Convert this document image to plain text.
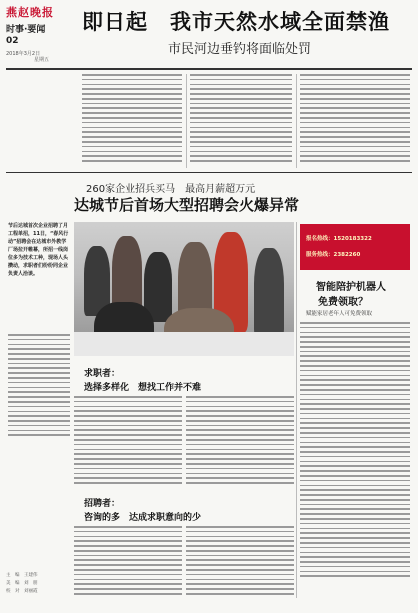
燕赵晚报
时事·要闻
02
2018年3月2日
星期五
即日起　我市天然水域全面禁渔
市民河边垂钓将面临处罚
260家企业招兵买马　最高月薪超万元
达城节后首场大型招聘会火爆异常
节后达城首次企业招聘了月工程单招，11日，“春风行动”招聘会在达城市外教学厂场拉开帷幕，所招一线岗位多为技术工种，现场人头攒动，求职者们纷纷同企业负责人洽谈。
报名热线：1520183322
服务热线：2382260
智能陪护机器人
免费领取？
赋能家居老年人可免费领取
求职者：
选择多样化　想找工作并不难
招聘者：
咨询的多　达成求职意向的少
主　编　王建伟
美　编　刘　朋
校　对　刘丽霞
